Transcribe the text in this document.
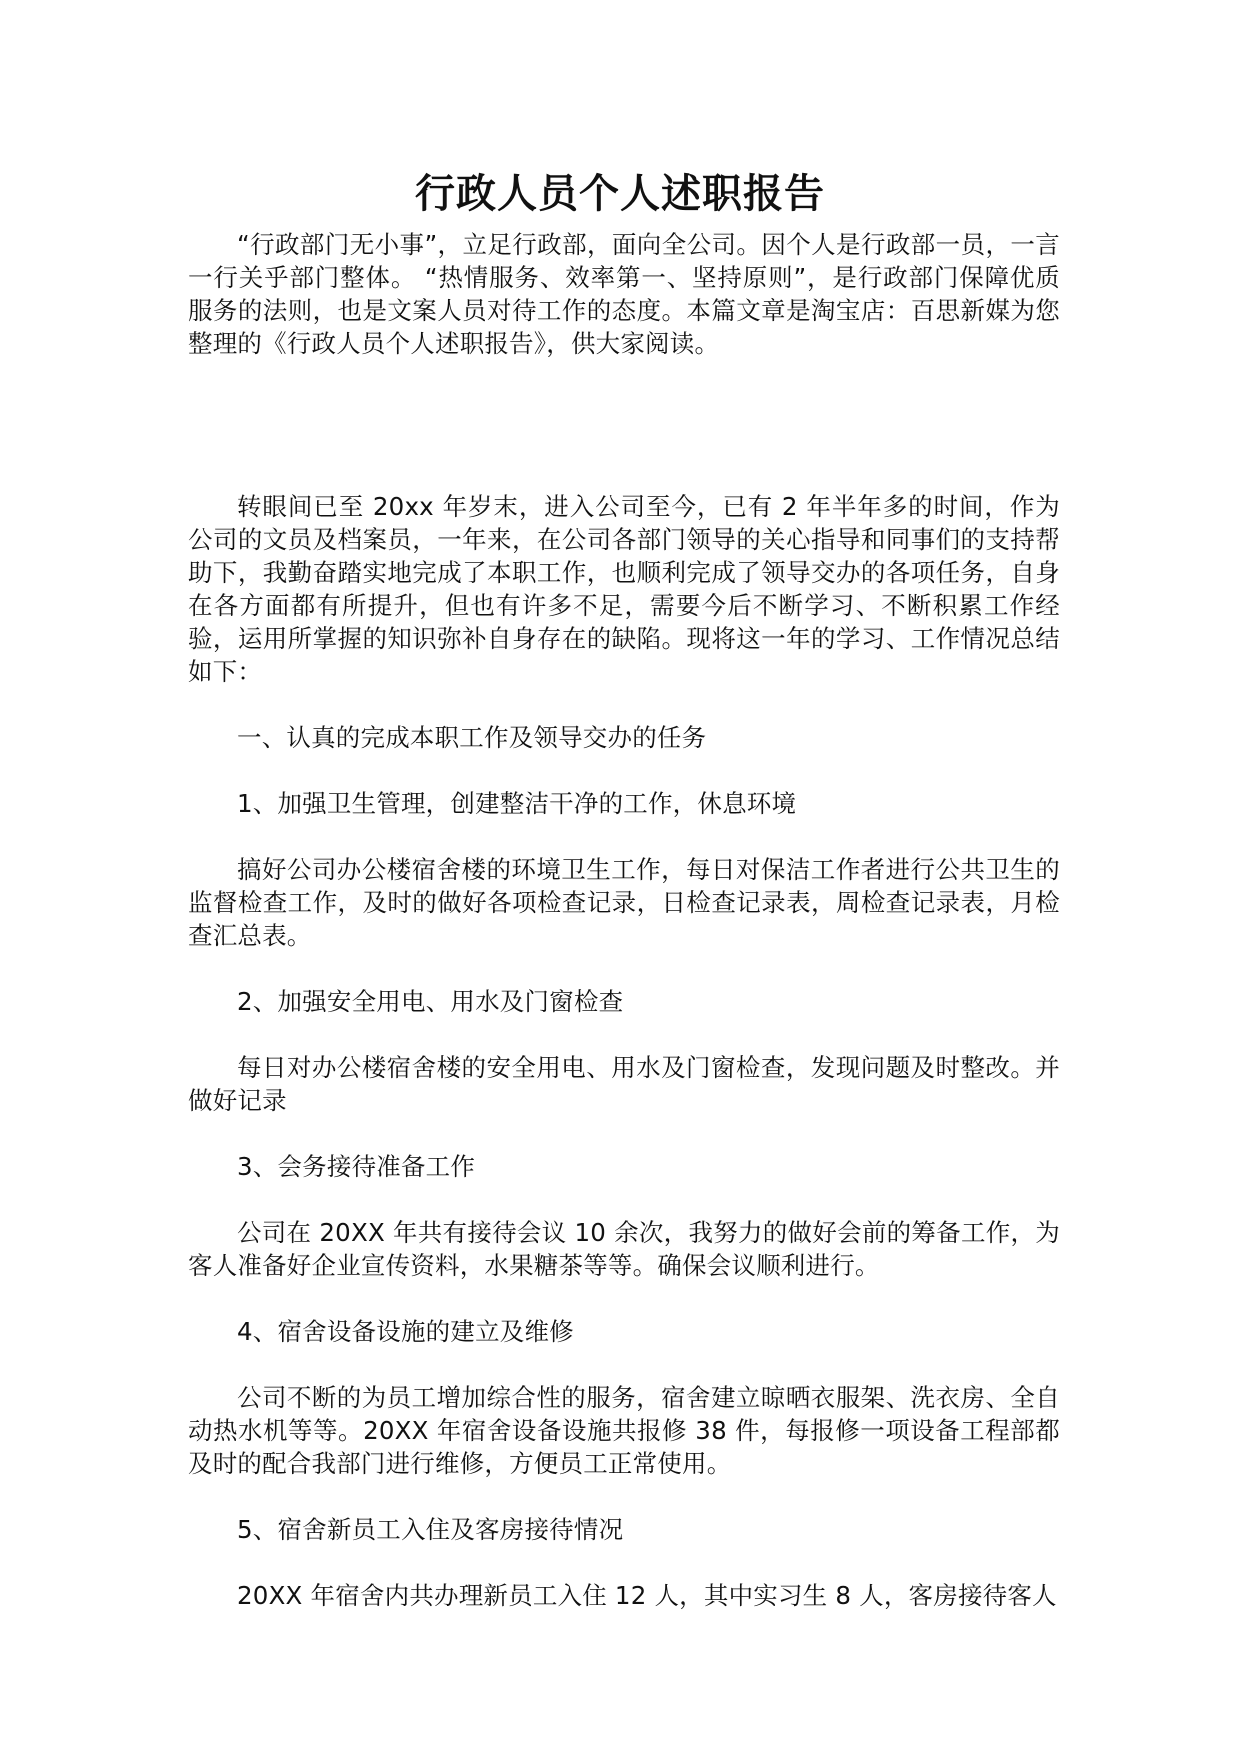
行政人员个人述职报告

“行政部门无小事”，立足行政部，面向全公司。因个人是行政部一员，一言一行关乎部门整体。 “热情服务、效率第一、坚持原则”，是行政部门保障优质服务的法则，也是文案人员对待工作的态度。本篇文章是淘宝店：百思新媒为您整理的《行政人员个人述职报告》，供大家阅读。

转眼间已至 20xx 年岁末，进入公司至今，已有 2 年半年多的时间，作为公司的文员及档案员，一年来，在公司各部门领导的关心指导和同事们的支持帮助下，我勤奋踏实地完成了本职工作，也顺利完成了领导交办的各项任务，自身在各方面都有所提升，但也有许多不足，需要今后不断学习、不断积累工作经验，运用所掌握的知识弥补自身存在的缺陷。现将这一年的学习、工作情况总结如下：

一、认真的完成本职工作及领导交办的任务

1、加强卫生管理，创建整洁干净的工作，休息环境

搞好公司办公楼宿舍楼的环境卫生工作，每日对保洁工作者进行公共卫生的监督检查工作，及时的做好各项检查记录，日检查记录表，周检查记录表，月检查汇总表。

2、加强安全用电、用水及门窗检查

每日对办公楼宿舍楼的安全用电、用水及门窗检查，发现问题及时整改。并做好记录

3、会务接待准备工作

公司在 20XX 年共有接待会议 10 余次，我努力的做好会前的筹备工作，为客人准备好企业宣传资料，水果糖茶等等。确保会议顺利进行。

4、宿舍设备设施的建立及维修

公司不断的为员工增加综合性的服务，宿舍建立晾晒衣服架、洗衣房、全自动热水机等等。20XX 年宿舍设备设施共报修 38 件，每报修一项设备工程部都及时的配合我部门进行维修，方便员工正常使用。

5、宿舍新员工入住及客房接待情况

20XX 年宿舍内共办理新员工入住 12 人，其中实习生 8 人，客房接待客人
